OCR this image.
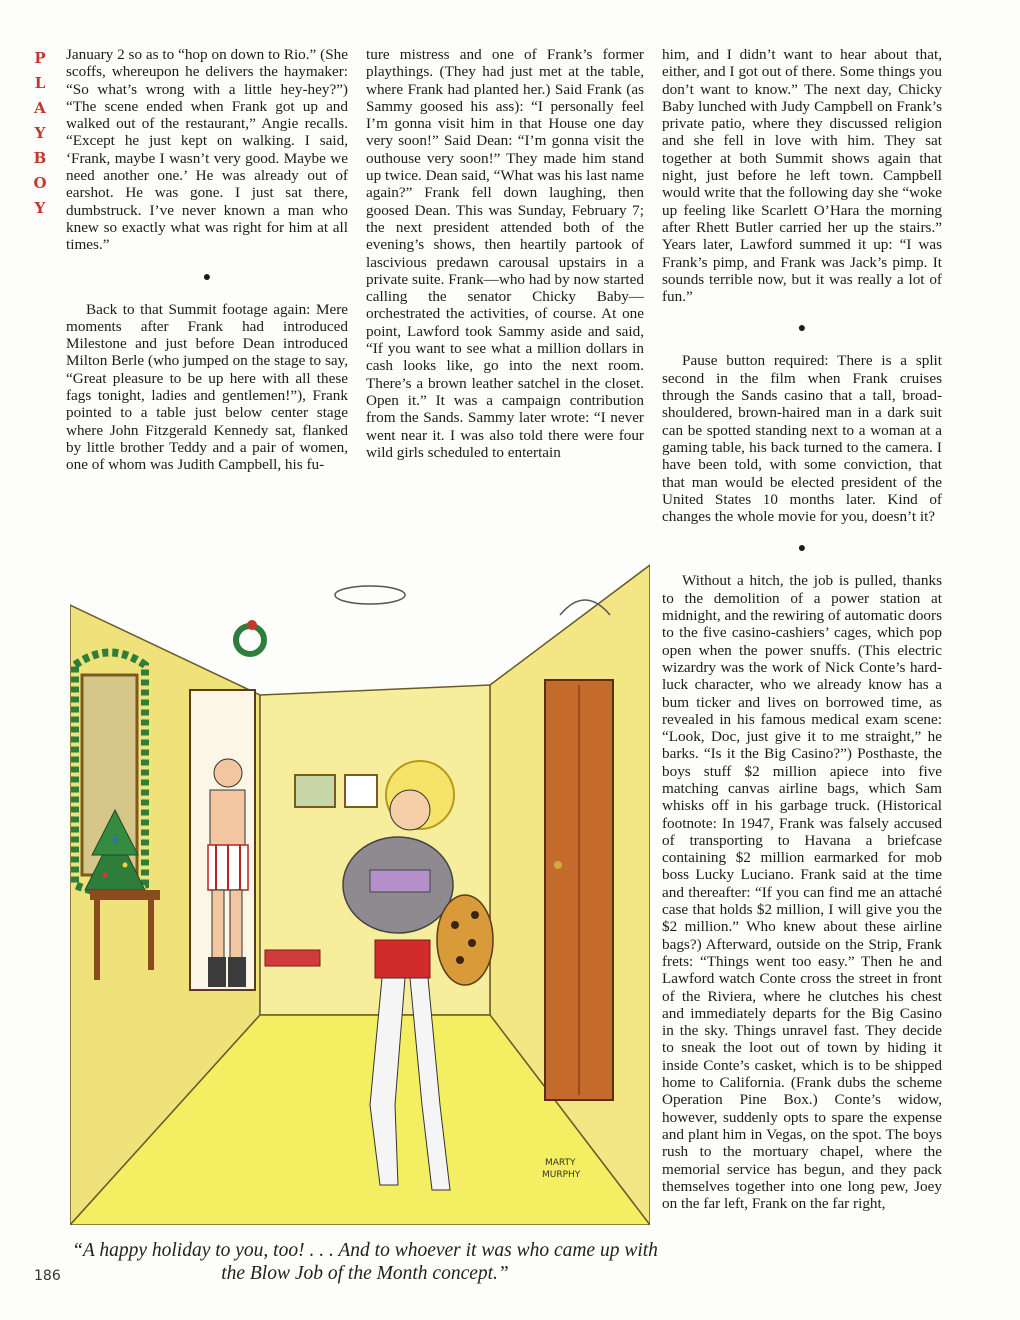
P
L
A
Y
B
O
Y

January 2 so as to “hop on down to Rio.” (She scoffs, whereupon he delivers the haymaker: “So what’s wrong with a little hey-hey?”) “The scene ended when Frank got up and walked out of the restaurant,” Angie recalls. “Except he just kept on walking. I said, ‘Frank, maybe I wasn’t very good. Maybe we need another one.’ He was already out of earshot. He was gone. I just sat there, dumbstruck. I’ve never known a man who knew so exactly what was right for him at all times.”

●

Back to that Summit footage again: Mere moments after Frank had introduced Milestone and just before Dean introduced Milton Berle (who jumped on the stage to say, “Great pleasure to be up here with all these fags tonight, ladies and gentlemen!”), Frank pointed to a table just below center stage where John Fitzgerald Kennedy sat, flanked by little brother Teddy and a pair of women, one of whom was Judith Campbell, his fu-

ture mistress and one of Frank’s former playthings. (They had just met at the table, where Frank had planted her.) Said Frank (as Sammy goosed his ass): “I personally feel I’m gonna visit him in that House one day very soon!” Said Dean: “I’m gonna visit the outhouse very soon!” They made him stand up twice. Dean said, “What was his last name again?” Frank fell down laughing, then goosed Dean. This was Sunday, February 7; the next president attended both of the evening’s shows, then heartily partook of lascivious predawn carousal upstairs in a private suite. Frank—who had by now started calling the senator Chicky Baby—orchestrated the activities, of course. At one point, Lawford took Sammy aside and said, “If you want to see what a million dollars in cash looks like, go into the next room. There’s a brown leather satchel in the closet. Open it.” It was a campaign contribution from the Sands. Sammy later wrote: “I never went near it. I was also told there were four wild girls scheduled to entertain

him, and I didn’t want to hear about that, either, and I got out of there. Some things you don’t want to know.” The next day, Chicky Baby lunched with Judy Campbell on Frank’s private patio, where they discussed religion and she fell in love with him. They sat together at both Summit shows again that night, just before he left town. Campbell would write that the following day she “woke up feeling like Scarlett O’Hara the morning after Rhett Butler carried her up the stairs.” Years later, Lawford summed it up: “I was Frank’s pimp, and Frank was Jack’s pimp. It sounds terrible now, but it was really a lot of fun.”

●

Pause button required: There is a split second in the film when Frank cruises through the Sands casino that a tall, broad-shouldered, brown-haired man in a dark suit can be spotted standing next to a woman at a gaming table, his back turned to the camera. I have been told, with some conviction, that that man would be elected president of the United States 10 months later. Kind of changes the whole movie for you, doesn’t it?

●

Without a hitch, the job is pulled, thanks to the demolition of a power station at midnight, and the rewiring of automatic doors to the five casino-cashiers’ cages, which pop open when the power snuffs. (This electric wizardry was the work of Nick Conte’s hard-luck character, who we already know has a bum ticker and lives on borrowed time, as revealed in his famous medical exam scene: “Look, Doc, just give it to me straight,” he barks. “Is it the Big Casino?”) Posthaste, the boys stuff $2 million apiece into five matching canvas airline bags, which Sam whisks off in his garbage truck. (Historical footnote: In 1947, Frank was falsely accused of transporting to Havana a briefcase containing $2 million earmarked for mob boss Lucky Luciano. Frank said at the time and thereafter: “If you can find me an attaché case that holds $2 million, I will give you the $2 million.” Who knew about these airline bags?) Afterward, outside on the Strip, Frank frets: “Things went too easy.” Then he and Lawford watch Conte cross the street in front of the Riviera, where he clutches his chest and immediately departs for the Big Casino in the sky. Things unravel fast. They decide to sneak the loot out of town by hiding it inside Conte’s casket, which is to be shipped home to California. (Frank dubs the scheme Operation Pine Box.) Conte’s widow, however, suddenly opts to spare the expense and plant him in Vegas, on the spot. The boys rush to the mortuary chapel, where the memorial service has begun, and they pack themselves together into one long pew, Joey on the far left, Frank on the far right,

MARTY
MURPHY
“A happy holiday to you, too! . . . And to whoever it was who came up with the Blow Job of the Month concept.”
186
